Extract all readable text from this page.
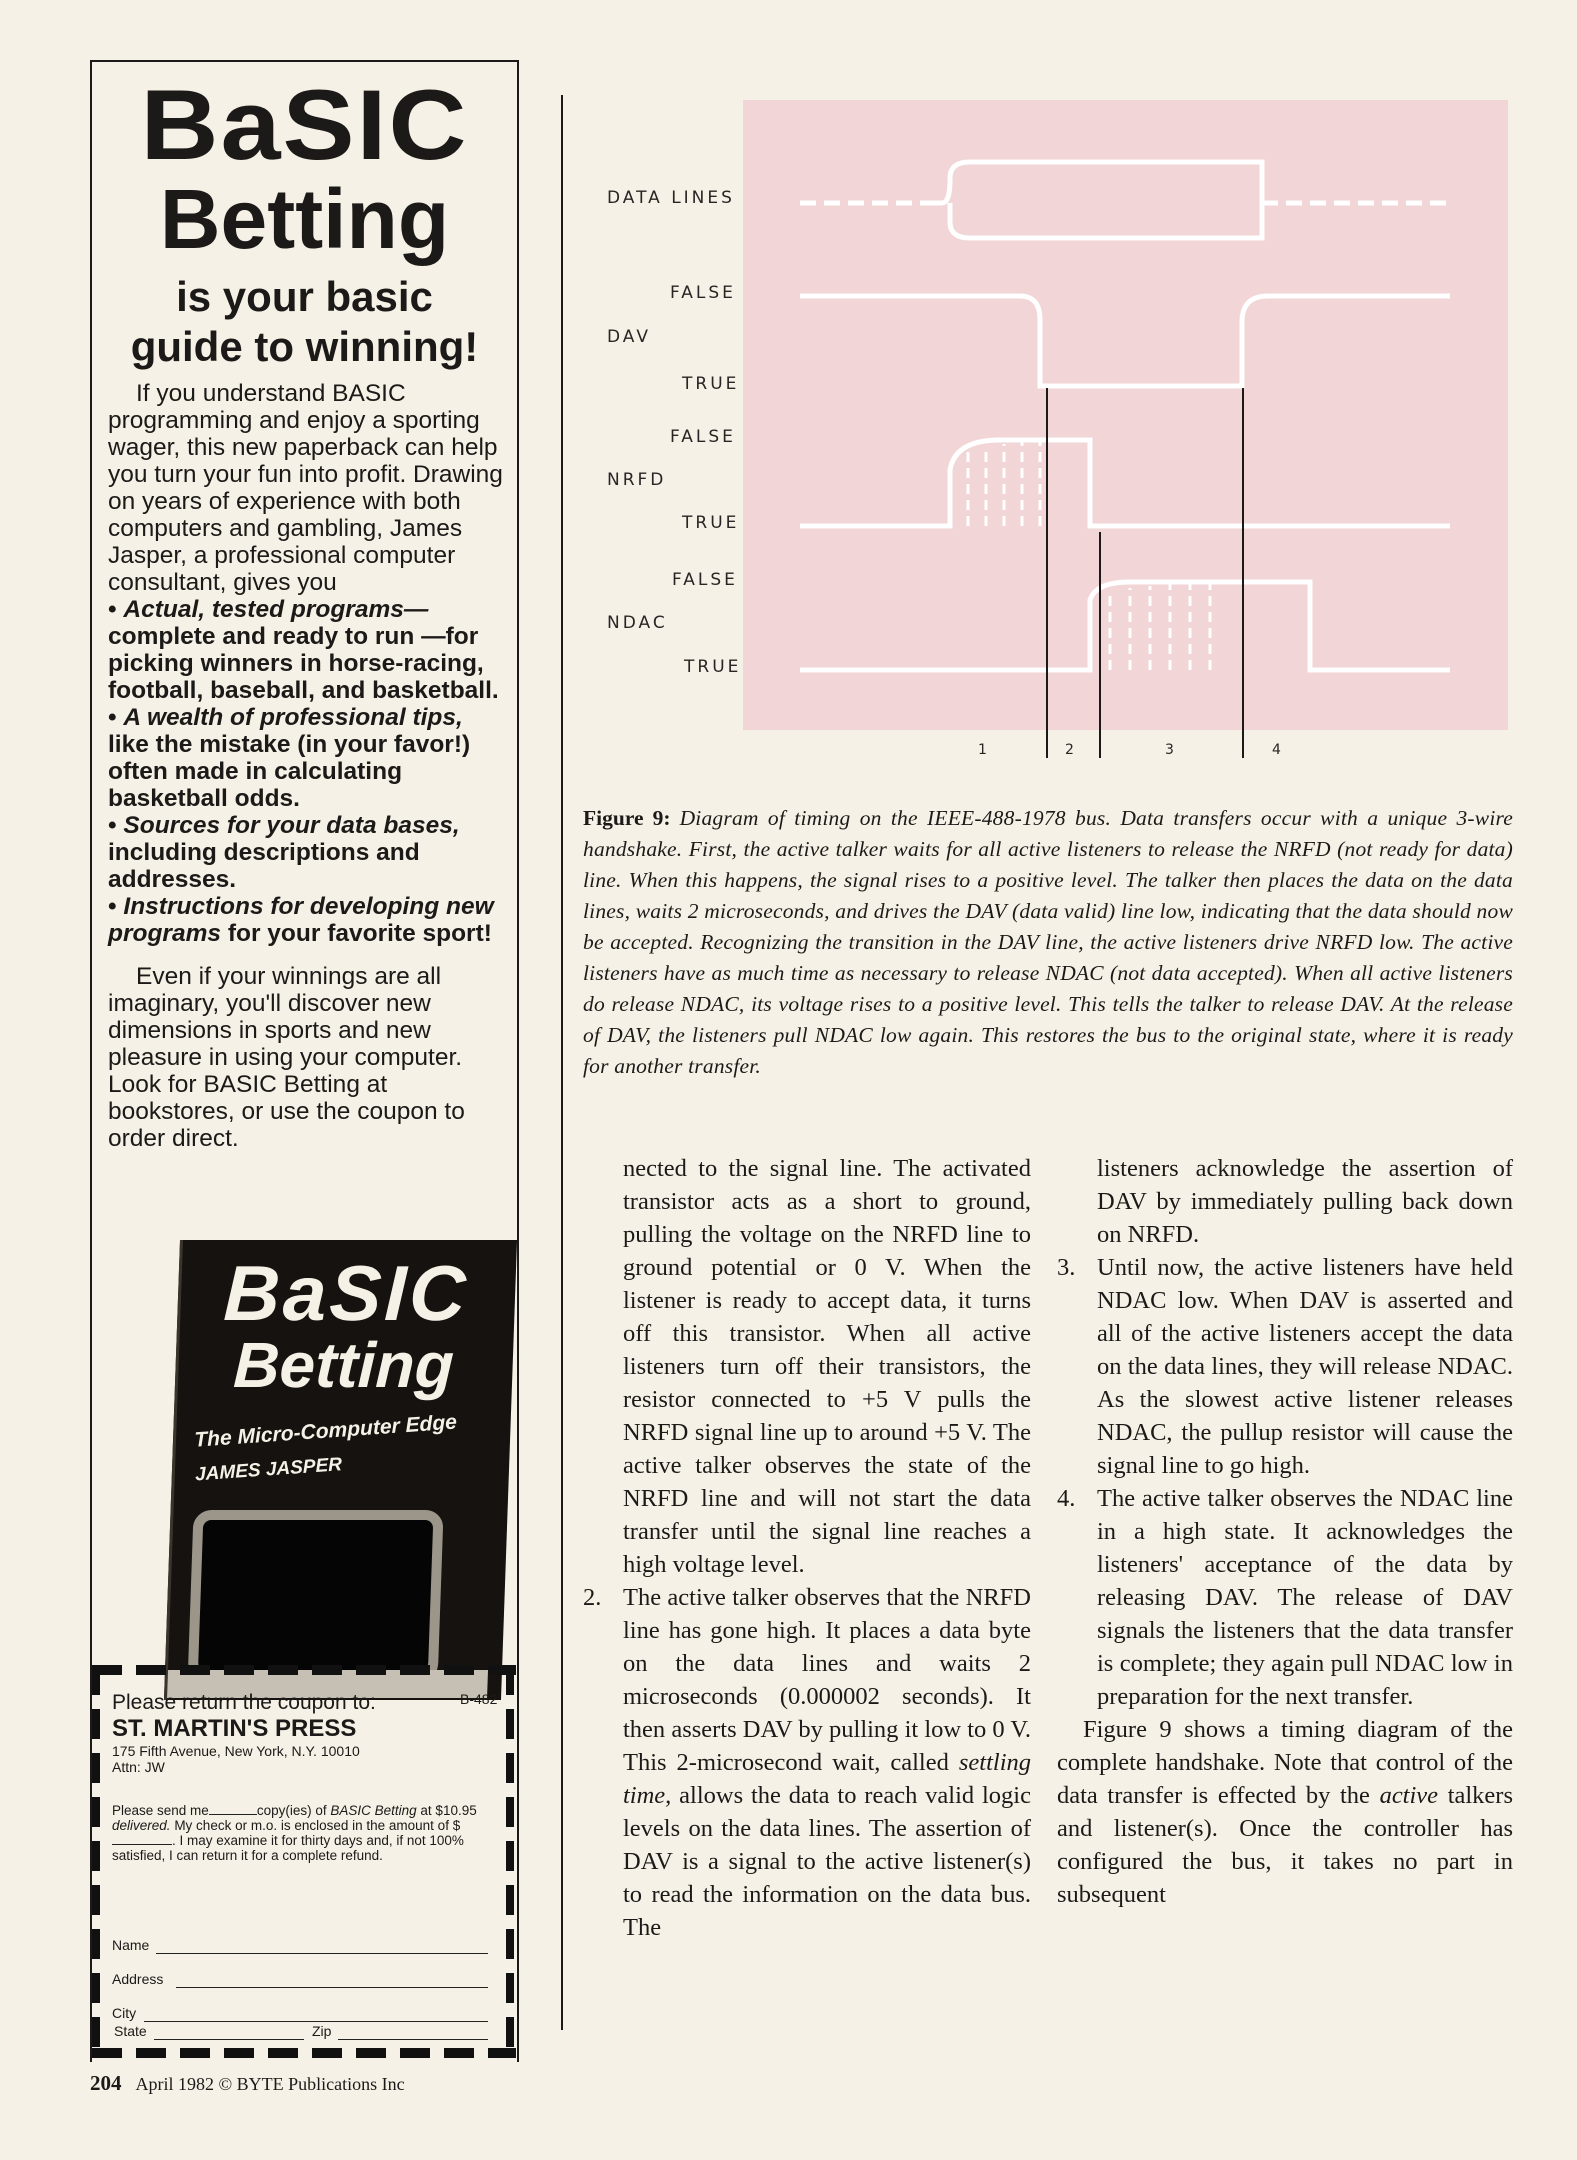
BaSIC
Betting
is your basic
guide to winning!

If you understand BASIC programming and enjoy a sporting wager, this new paperback can help you turn your fun into profit. Drawing on years of experience with both computers and gambling, James Jasper, a professional computer consultant, gives you

• Actual, tested programs— complete and ready to run —for picking winners in horse-racing, football, baseball, and basketball.

• A wealth of professional tips, like the mistake (in your favor!) often made in calculating basketball odds.

• Sources for your data bases, including descriptions and addresses.

• Instructions for developing new programs for your favorite sport!

Even if your winnings are all imaginary, you'll discover new dimensions in sports and new pleasure in using your computer. Look for BASIC Betting at bookstores, or use the coupon to order direct.

BaSIC
Betting
The Micro-Computer Edge
JAMES JASPER
Please return the coupon to:	B-482
ST. MARTIN'S PRESS
175 Fifth Avenue, New York, N.Y. 10010
Attn: JW
Please send me	copy(ies) of BASIC Betting at $10.95 delivered. My check or m.o. is enclosed in the amount of $. I may examine it for thirty days and, if not 100% satisfied, I can return it for a complete refund.
Name
Address
City
State	Zip
DATA LINES
DAV
NRFD
NDAC
FALSE
TRUE
FALSE
TRUE
FALSE
TRUE
1	2	3	4
Figure 9: Diagram of timing on the IEEE-488-1978 bus. Data transfers occur with a unique 3-wire handshake. First, the active talker waits for all active listeners to release the NRFD (not ready for data) line. When this happens, the signal rises to a positive level. The talker then places the data on the data lines, waits 2 microseconds, and drives the DAV (data valid) line low, indicating that the data should now be accepted. Recognizing the transition in the DAV line, the active listeners drive NRFD low. The active listeners have as much time as necessary to release NDAC (not data accepted). When all active listeners do release NDAC, its voltage rises to a positive level. This tells the talker to release DAV. At the release of DAV, the listeners pull NDAC low again. This restores the bus to the original state, where it is ready for another transfer.

nected to the signal line. The activated transistor acts as a short to ground, pulling the voltage on the NRFD line to ground potential or 0 V. When the listener is ready to accept data, it turns off this transistor. When all active listeners turn off their transistors, the resistor connected to +5 V pulls the NRFD signal line up to around +5 V. The active talker observes the state of the NRFD line and will not start the data transfer until the signal line reaches a high voltage level.

2. The active talker observes that the NRFD line has gone high. It places a data byte on the data lines and waits 2 microseconds (0.000002 seconds). It then asserts DAV by pulling it low to 0 V. This 2-microsecond wait, called settling time, allows the data to reach valid logic levels on the data lines. The assertion of DAV is a signal to the active listener(s) to read the information on the data bus. The

listeners acknowledge the assertion of DAV by immediately pulling back down on NRFD.

3. Until now, the active listeners have held NDAC low. When DAV is asserted and all of the active listeners accept the data on the data lines, they will release NDAC. As the slowest active listener releases NDAC, the pullup resistor will cause the signal line to go high.
4. The active talker observes the NDAC line in a high state. It acknowledges the listeners' acceptance of the data by releasing DAV. The release of DAV signals the listeners that the data transfer is complete; they again pull NDAC low in preparation for the next transfer.

Figure 9 shows a timing diagram of the complete handshake. Note that control of the data transfer is effected by the active talkers and listener(s). Once the controller has configured the bus, it takes no part in subsequent

204 April 1982 © BYTE Publications Inc
